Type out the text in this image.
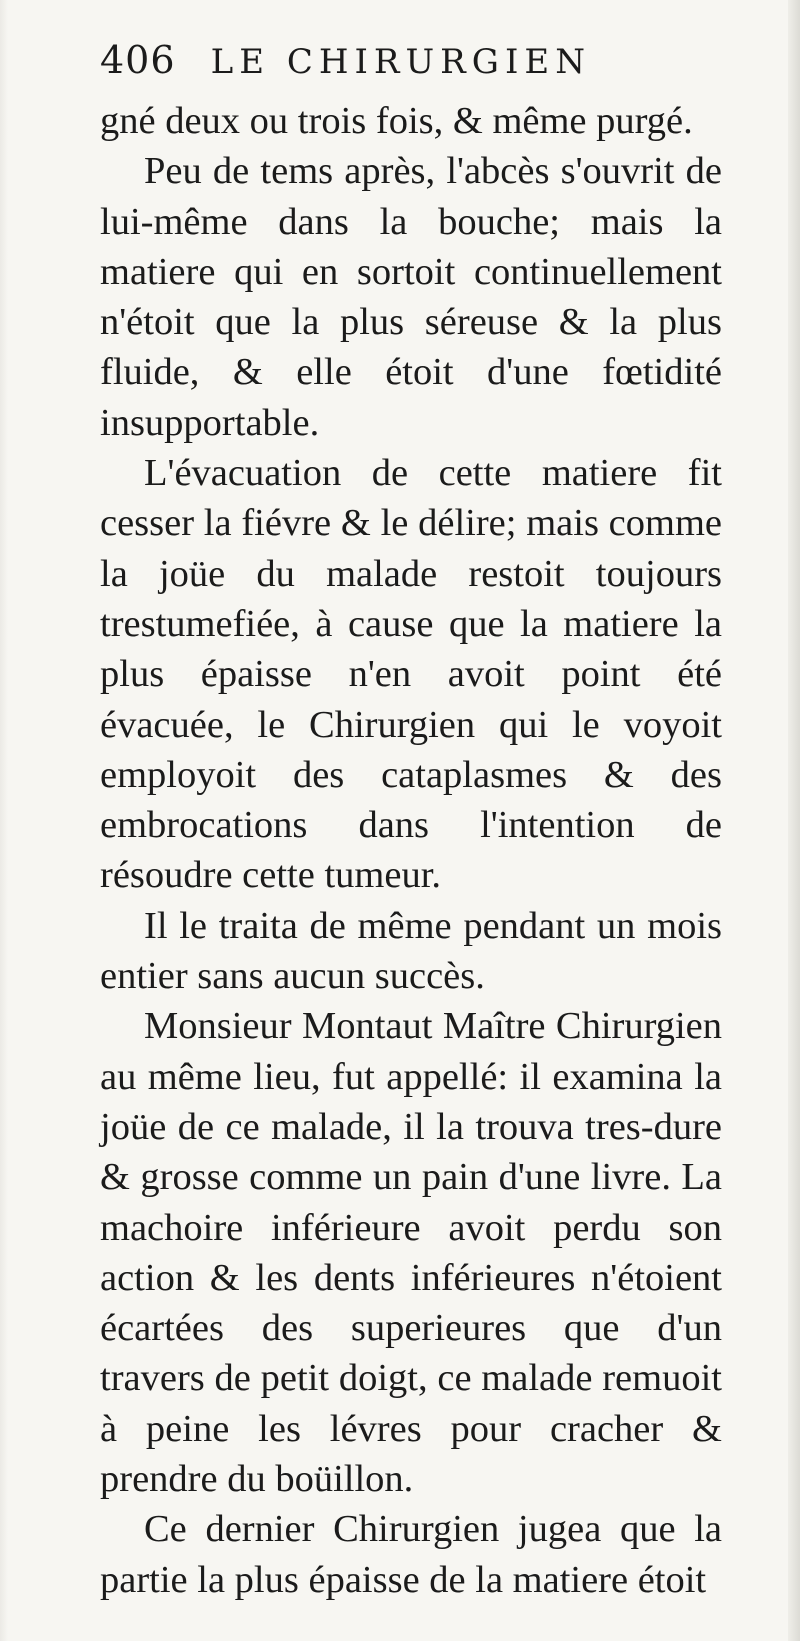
406 LE CHIRURGIEN

gné deux ou trois fois, & même purgé.

Peu de tems après, l'abcès s'ouvrit de lui-même dans la bouche; mais la matiere qui en sortoit continuellement n'étoit que la plus séreuse & la plus fluide, & elle étoit d'une fœtidité insupportable.

L'évacuation de cette matiere fit cesser la fiévre & le délire; mais comme la joüe du malade restoit toujours trestumefiée, à cause que la matiere la plus épaisse n'en avoit point été évacuée, le Chirurgien qui le voyoit employoit des cataplasmes & des embrocations dans l'intention de résoudre cette tumeur.

Il le traita de même pendant un mois entier sans aucun succès.

Monsieur Montaut Maître Chirurgien au même lieu, fut appellé: il examina la joüe de ce malade, il la trouva tres-dure & grosse comme un pain d'une livre. La machoire inférieure avoit perdu son action & les dents inférieures n'étoient écartées des superieures que d'un travers de petit doigt, ce malade remuoit à peine les lévres pour cracher & prendre du boüillon.

Ce dernier Chirurgien jugea que la partie la plus épaisse de la matiere étoit
